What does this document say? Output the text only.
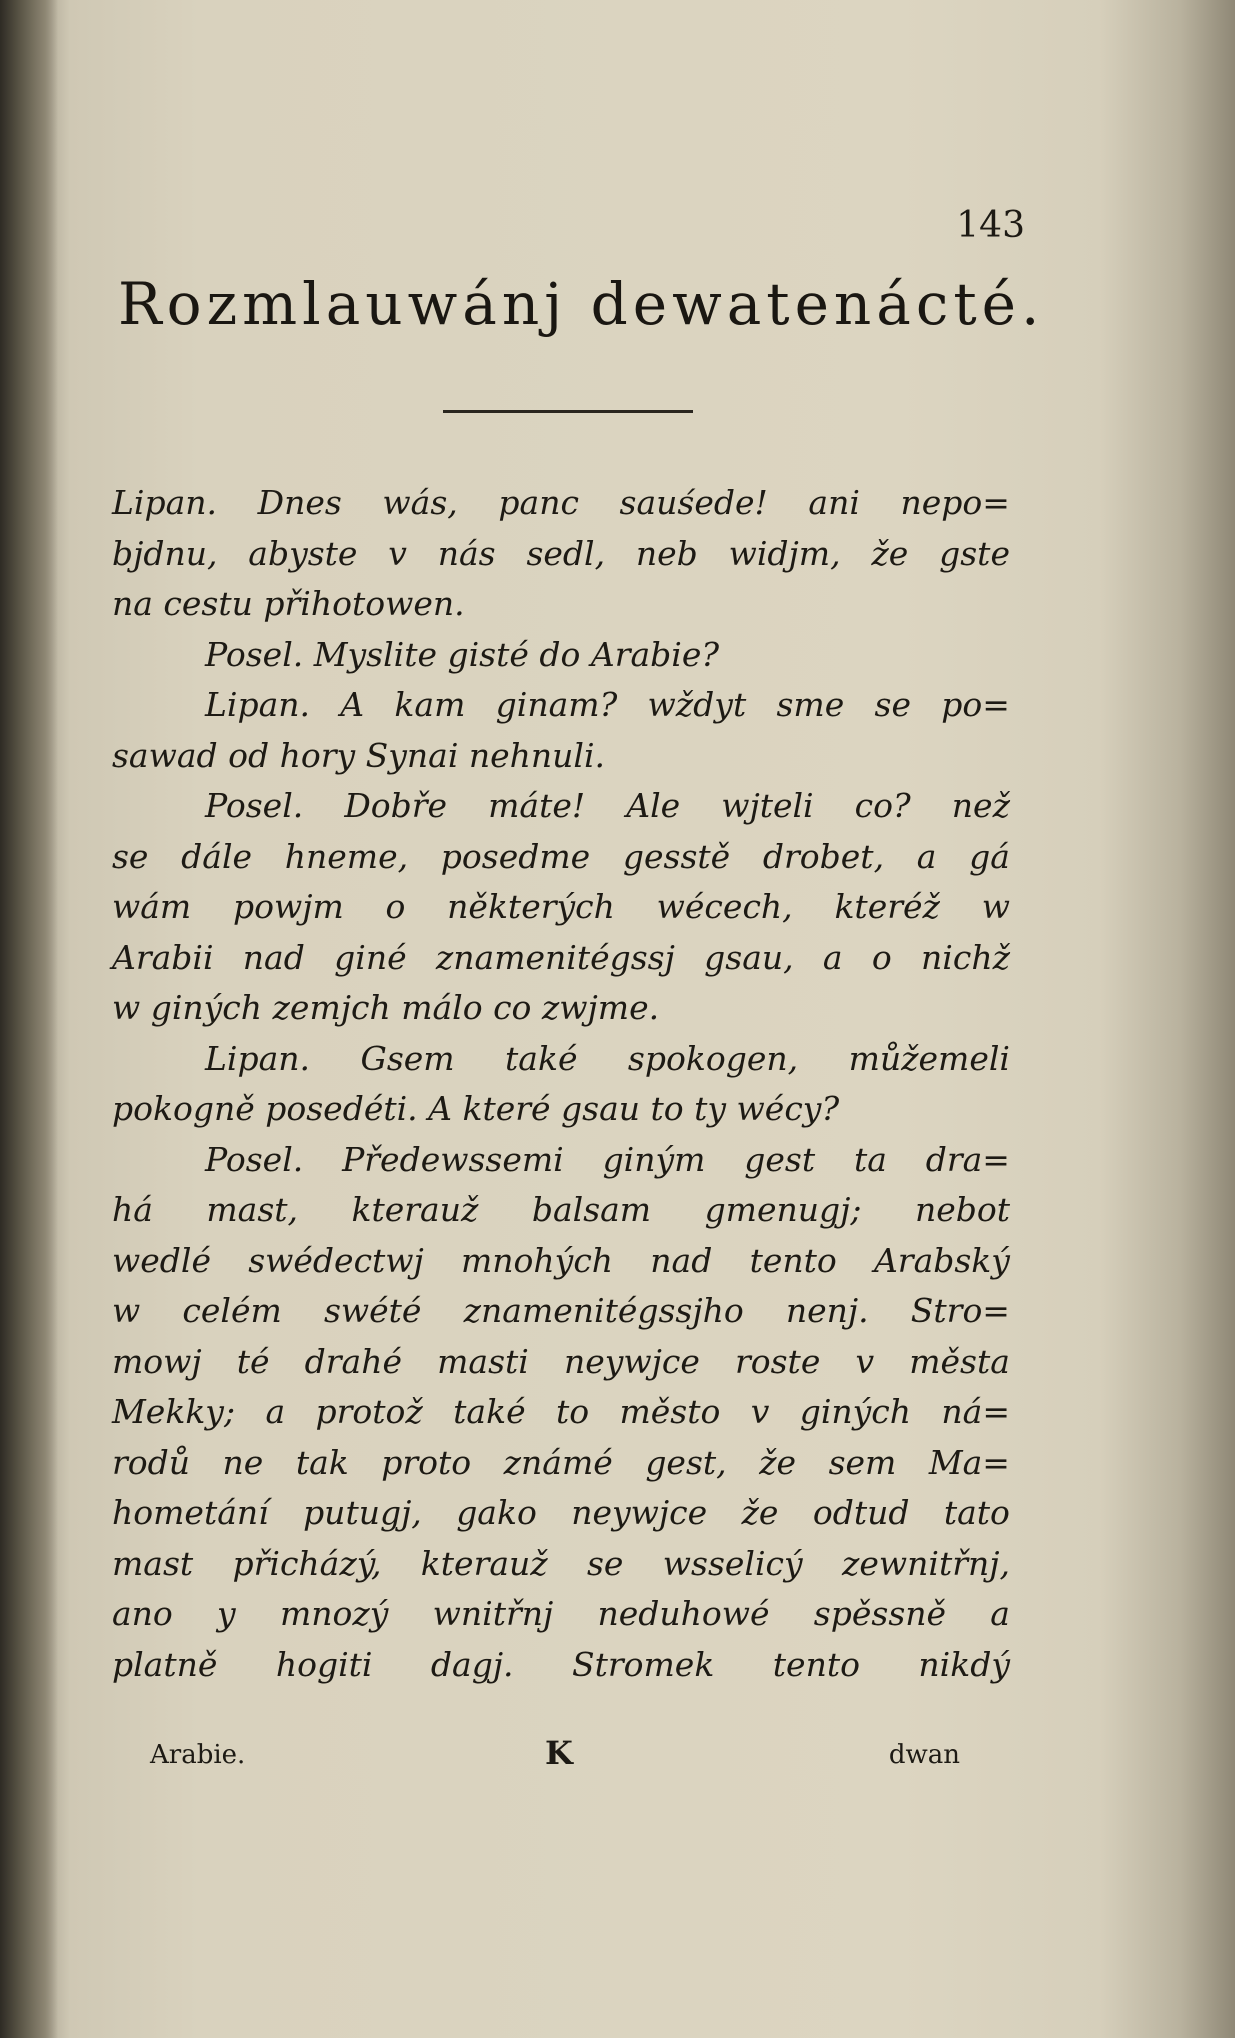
143
Rozmlauwánj dewatenácté.
Lipan. Dnes wás, panc sauśede! ani nepo=
bjdnu, abyste v nás sedl, neb widjm, že gste
na cestu přihotowen.
Posel. Myslite gisté do Arabie?
Lipan. A kam ginam? wždyt sme se po=
sawad od hory Synai nehnuli.
Posel. Dobře máte! Ale wjteli co? než
se dále hneme, posedme gesstě drobet, a gá
wám powjm o některých wécech, kteréž w
Arabii nad giné znamenitégssj gsau, a o nichž
w giných zemjch málo co zwjme.
Lipan. Gsem také spokogen, můžemeli
pokogně posedéti. A které gsau to ty wécy?
Posel. Předewssemi giným gest ta dra=
há mast, kterauž balsam gmenugj; nebot
wedlé swédectwj mnohých nad tento Arabský
w celém swété znamenitégssjho nenj. Stro=
mowj té drahé masti neywjce roste v města
Mekky; a protož také to město v giných ná=
rodů ne tak proto známé gest, že sem Ma=
hometání putugj, gako neywjce že odtud tato
mast přicházý, kterauž se wsselicý zewnitřnj,
ano y mnozý wnitřnj neduhowé spěssně a
platně hogiti dagj. Stromek tento nikdý
Arabie.	K	dwan
